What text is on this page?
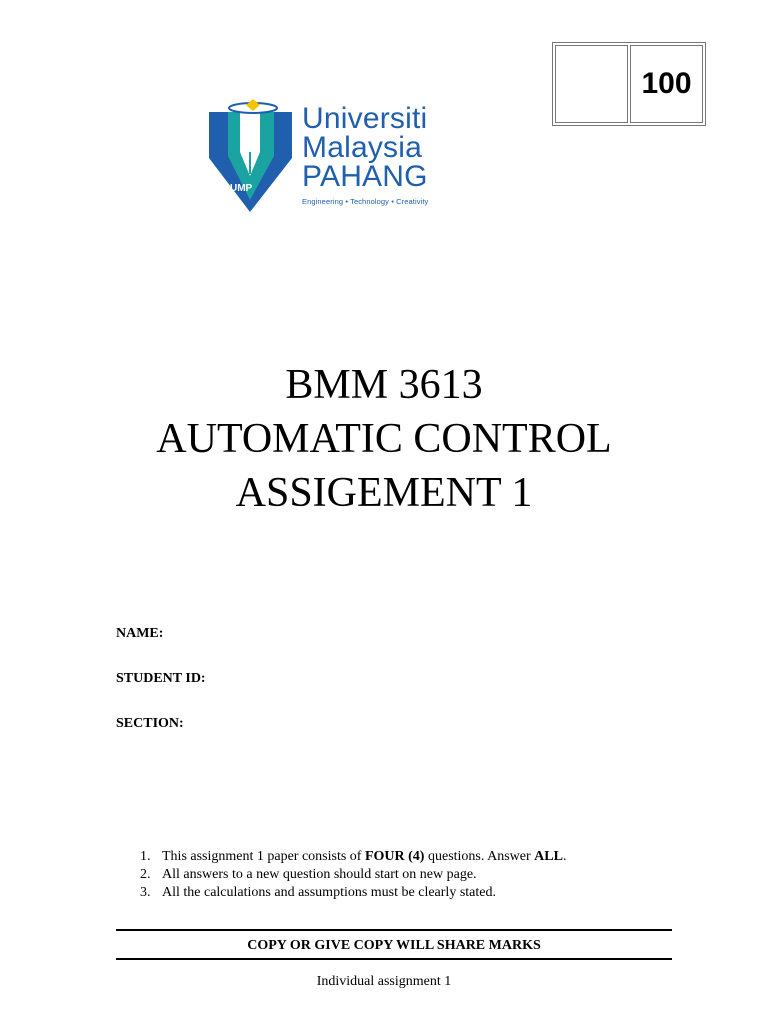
100
UMP
Universiti
Malaysia
PAHANG
Engineering • Technology • Creativity
BMM 3613
AUTOMATIC CONTROL
ASSIGEMENT 1
NAME:
STUDENT ID:
SECTION:
1. This assignment 1 paper consists of FOUR (4) questions. Answer ALL.
2. All answers to a new question should start on new page.
3. All the calculations and assumptions must be clearly stated.
COPY OR GIVE COPY WILL SHARE MARKS
Individual assignment 1
